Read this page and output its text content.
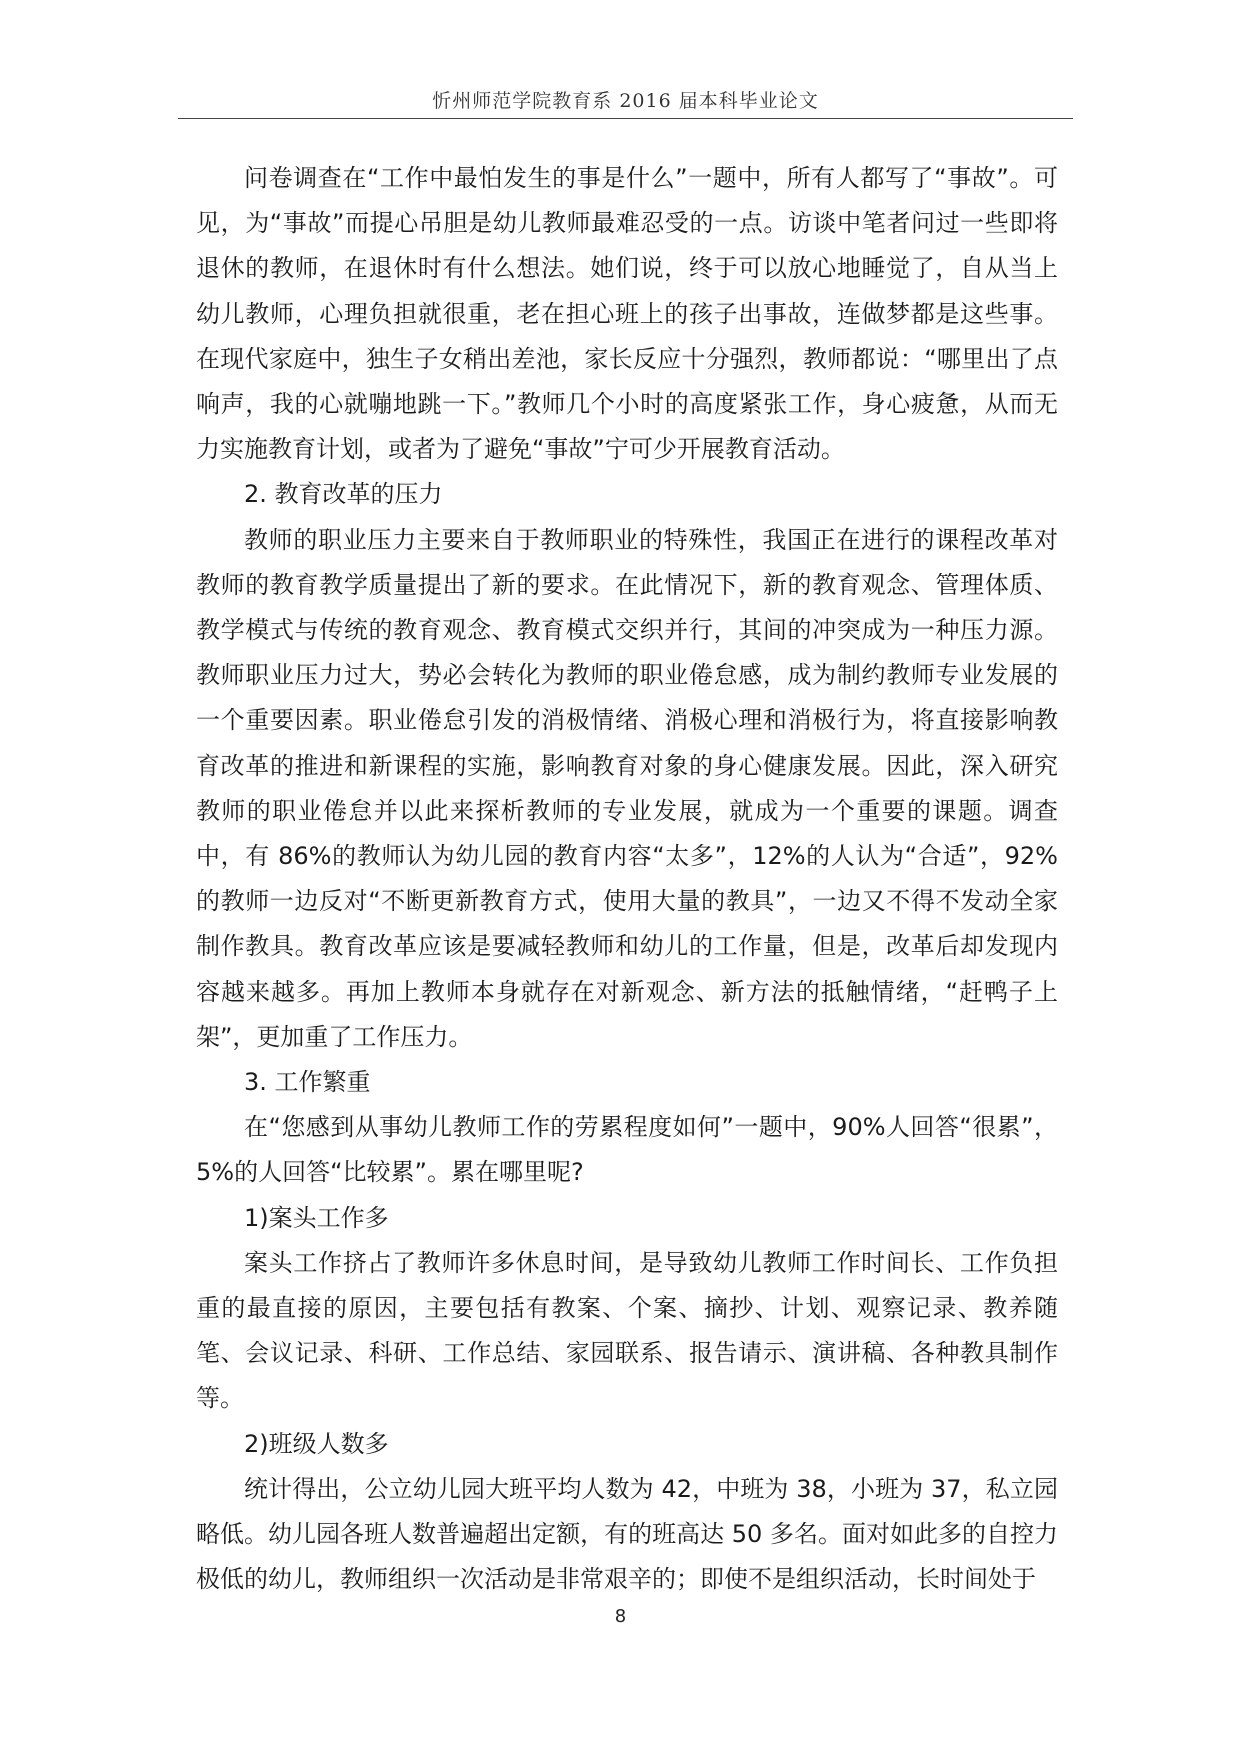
忻州师范学院教育系 2016 届本科毕业论文

问卷调查在“工作中最怕发生的事是什么”一题中，所有人都写了“事故”。可见，为“事故”而提心吊胆是幼儿教师最难忍受的一点。访谈中笔者问过一些即将退休的教师，在退休时有什么想法。她们说，终于可以放心地睡觉了，自从当上幼儿教师，心理负担就很重，老在担心班上的孩子出事故，连做梦都是这些事。在现代家庭中，独生子女稍出差池，家长反应十分强烈，教师都说：“哪里出了点响声，我的心就嘣地跳一下。”教师几个小时的高度紧张工作，身心疲惫，从而无力实施教育计划，或者为了避免“事故”宁可少开展教育活动。

2. 教育改革的压力

教师的职业压力主要来自于教师职业的特殊性，我国正在进行的课程改革对教师的教育教学质量提出了新的要求。在此情况下，新的教育观念、管理体质、教学模式与传统的教育观念、教育模式交织并行，其间的冲突成为一种压力源。教师职业压力过大，势必会转化为教师的职业倦怠感，成为制约教师专业发展的一个重要因素。职业倦怠引发的消极情绪、消极心理和消极行为，将直接影响教育改革的推进和新课程的实施，影响教育对象的身心健康发展。因此，深入研究教师的职业倦怠并以此来探析教师的专业发展，就成为一个重要的课题。调查中，有 86%的教师认为幼儿园的教育内容“太多”，12%的人认为“合适”，92%的教师一边反对“不断更新教育方式，使用大量的教具”，一边又不得不发动全家制作教具。教育改革应该是要减轻教师和幼儿的工作量，但是，改革后却发现内容越来越多。再加上教师本身就存在对新观念、新方法的抵触情绪，“赶鸭子上架”，更加重了工作压力。

3. 工作繁重

在“您感到从事幼儿教师工作的劳累程度如何”一题中，90%人回答“很累”，5%的人回答“比较累”。累在哪里呢?

1)案头工作多

案头工作挤占了教师许多休息时间，是导致幼儿教师工作时间长、工作负担重的最直接的原因，主要包括有教案、个案、摘抄、计划、观察记录、教养随笔、会议记录、科研、工作总结、家园联系、报告请示、演讲稿、各种教具制作等。

2)班级人数多

统计得出，公立幼儿园大班平均人数为 42，中班为 38，小班为 37，私立园略低。幼儿园各班人数普遍超出定额，有的班高达 50 多名。面对如此多的自控力极低的幼儿，教师组织一次活动是非常艰辛的；即使不是组织活动，长时间处于

8
